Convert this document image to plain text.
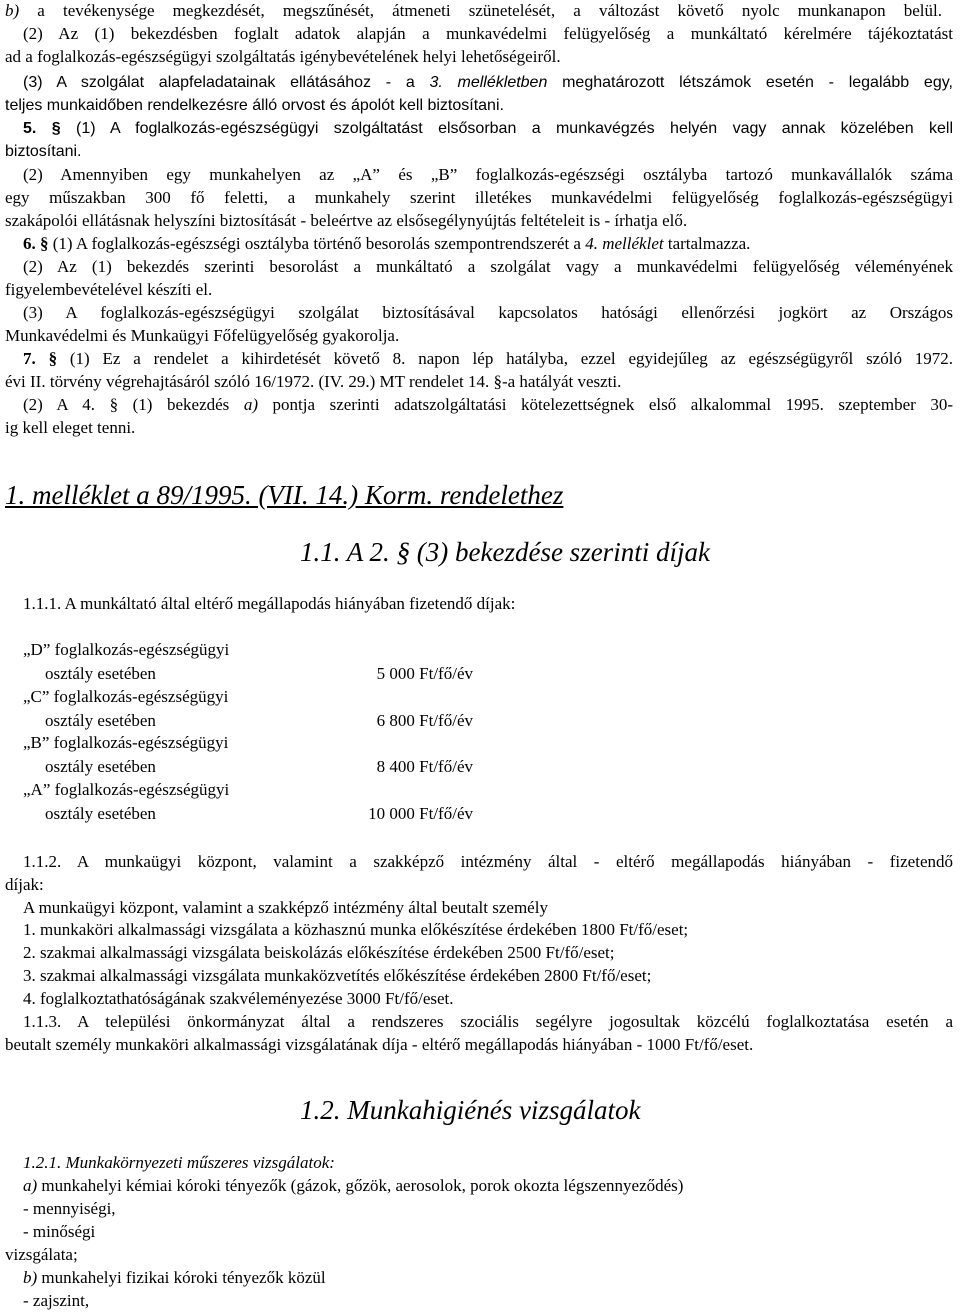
b) a tevékenysége megkezdését, megszűnését, átmeneti szünetelését, a változást követő nyolc munkanapon belül.
(2) Az (1) bekezdésben foglalt adatok alapján a munkavédelmi felügyelőség a munkáltató kérelmére tájékoztatást
ad a foglalkozás-egészségügyi szolgáltatás igénybevételének helyi lehetőségeiről.
(3) A szolgálat alapfeladatainak ellátásához - a 3. mellékletben meghatározott létszámok esetén - legalább egy,
teljes munkaidőben rendelkezésre álló orvost és ápolót kell biztosítani.
5. § (1) A foglalkozás-egészségügyi szolgáltatást elsősorban a munkavégzés helyén vagy annak közelében kell
biztosítani.
(2) Amennyiben egy munkahelyen az „A” és „B” foglalkozás-egészségi osztályba tartozó munkavállalók száma
egy műszakban 300 fő feletti, a munkahely szerint illetékes munkavédelmi felügyelőség foglalkozás-egészségügyi
szakápolói ellátásnak helyszíni biztosítását - beleértve az elsősegélynyújtás feltételeit is - írhatja elő.
6. § (1) A foglalkozás-egészségi osztályba történő besorolás szempontrendszerét a 4. melléklet tartalmazza.
(2) Az (1) bekezdés szerinti besorolást a munkáltató a szolgálat vagy a munkavédelmi felügyelőség véleményének
figyelembevételével készíti el.
(3) A foglalkozás-egészségügyi szolgálat biztosításával kapcsolatos hatósági ellenőrzési jogkört az Országos
Munkavédelmi és Munkaügyi Főfelügyelőség gyakorolja.
7. § (1) Ez a rendelet a kihirdetését követő 8. napon lép hatályba, ezzel egyidejűleg az egészségügyről szóló 1972.
évi II. törvény végrehajtásáról szóló 16/1972. (IV. 29.) MT rendelet 14. §-a hatályát veszti.
(2) A 4. § (1) bekezdés a) pontja szerinti adatszolgáltatási kötelezettségnek első alkalommal 1995. szeptember 30-
ig kell eleget tenni.
1. melléklet a 89/1995. (VII. 14.) Korm. rendelethez
1.1. A 2. § (3) bekezdése szerinti díjak
1.1.1. A munkáltató által eltérő megállapodás hiányában fizetendő díjak:
„D” foglalkozás-egészségügyi
osztály esetében	5 000 Ft/fő/év
„C” foglalkozás-egészségügyi
osztály esetében	6 800 Ft/fő/év
„B” foglalkozás-egészségügyi
osztály esetében	8 400 Ft/fő/év
„A” foglalkozás-egészségügyi
osztály esetében	10 000 Ft/fő/év
1.1.2. A munkaügyi központ, valamint a szakképző intézmény által - eltérő megállapodás hiányában - fizetendő
díjak:
A munkaügyi központ, valamint a szakképző intézmény által beutalt személy
1. munkaköri alkalmassági vizsgálata a közhasznú munka előkészítése érdekében 1800 Ft/fő/eset;
2. szakmai alkalmassági vizsgálata beiskolázás előkészítése érdekében 2500 Ft/fő/eset;
3. szakmai alkalmassági vizsgálata munkaközvetítés előkészítése érdekében 2800 Ft/fő/eset;
4. foglalkoztathatóságának szakvéleményezése 3000 Ft/fő/eset.
1.1.3. A települési önkormányzat által a rendszeres szociális segélyre jogosultak közcélú foglalkoztatása esetén a
beutalt személy munkaköri alkalmassági vizsgálatának díja - eltérő megállapodás hiányában - 1000 Ft/fő/eset.
1.2. Munkahigiénés vizsgálatok
1.2.1. Munkakörnyezeti műszeres vizsgálatok:
a) munkahelyi kémiai kóroki tényezők (gázok, gőzök, aerosolok, porok okozta légszennyeződés)
- mennyiségi,
- minőségi
vizsgálata;
b) munkahelyi fizikai kóroki tényezők közül
- zajszint,
